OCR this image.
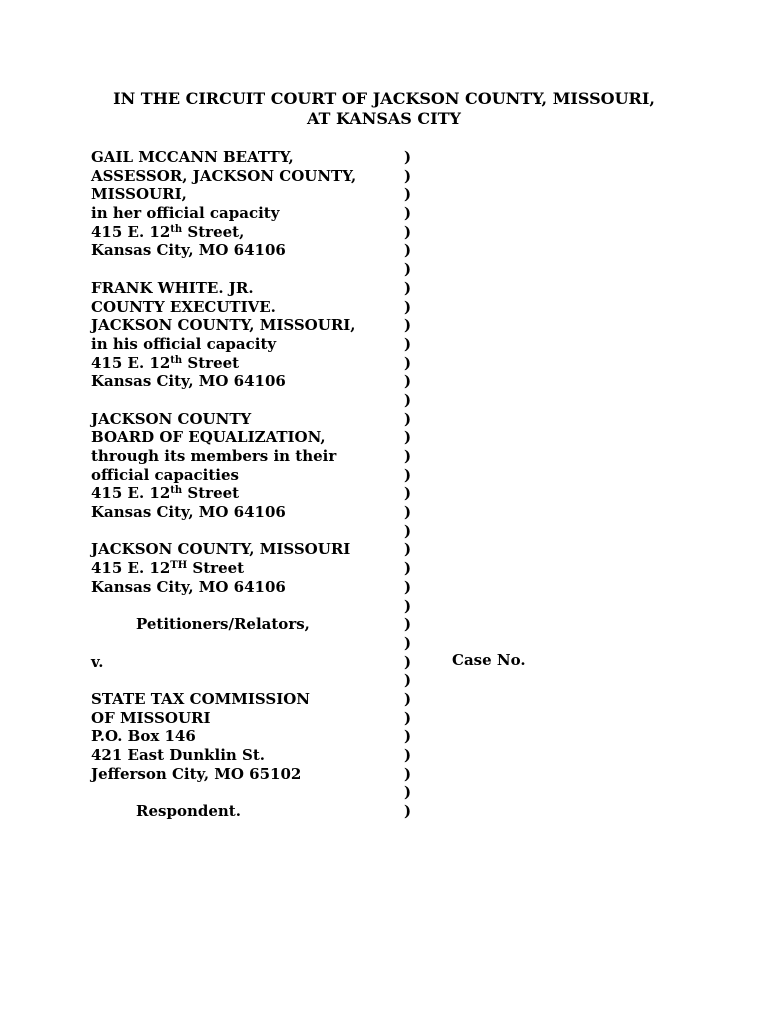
IN THE CIRCUIT COURT OF JACKSON COUNTY, MISSOURI,
AT KANSAS CITY
GAIL MCCANN BEATTY,
ASSESSOR, JACKSON COUNTY,
MISSOURI,
in her official capacity
415 E. 12th Street,
Kansas City, MO 64106
FRANK WHITE. JR.
COUNTY EXECUTIVE.
JACKSON COUNTY, MISSOURI,
in his official capacity
415 E. 12th Street
Kansas City, MO 64106
JACKSON COUNTY
BOARD OF EQUALIZATION,
through its members in their
official capacities
415 E. 12th Street
Kansas City, MO 64106
JACKSON COUNTY, MISSOURI
415 E. 12TH Street
Kansas City, MO 64106
Petitioners/Relators,
v.
STATE TAX COMMISSION
OF MISSOURI
P.O. Box 146
421 East Dunklin St.
Jefferson City, MO 65102
Respondent.
)
)
)
)
)
)
)
)
)
)
)
)
)
)
)
)
)
)
)
)
)
)
)
)
)
)
)
)
)
)
)
)
)
)
)
)
Case No.
